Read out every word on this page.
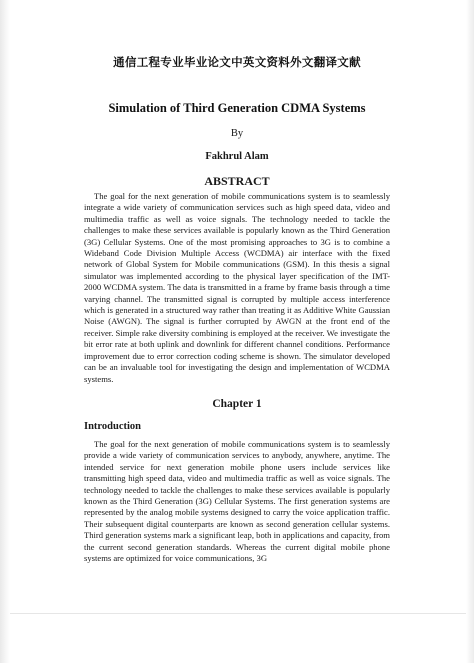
通信工程专业毕业论文中英文资料外文翻译文献

Simulation of Third Generation CDMA Systems

By

Fakhrul Alam

ABSTRACT

The goal for the next generation of mobile communications system is to seamlessly integrate a wide variety of communication services such as high speed data, video and multimedia traffic as well as voice signals. The technology needed to tackle the challenges to make these services available is popularly known as the Third Generation (3G) Cellular Systems. One of the most promising approaches to 3G is to combine a Wideband Code Division Multiple Access (WCDMA) air interface with the fixed network of Global System for Mobile communications (GSM). In this thesis a signal simulator was implemented according to the physical layer specification of the IMT-2000 WCDMA system. The data is transmitted in a frame by frame basis through a time varying channel. The transmitted signal is corrupted by multiple access interference which is generated in a structured way rather than treating it as Additive White Gaussian Noise (AWGN). The signal is further corrupted by AWGN at the front end of the receiver. Simple rake diversity combining is employed at the receiver. We investigate the bit error rate at both uplink and downlink for different channel conditions. Performance improvement due to error correction coding scheme is shown. The simulator developed can be an invaluable tool for investigating the design and implementation of WCDMA systems.

Chapter 1

Introduction

The goal for the next generation of mobile communications system is to seamlessly provide a wide variety of communication services to anybody, anywhere, anytime. The intended service for next generation mobile phone users include services like transmitting high speed data, video and multimedia traffic as well as voice signals. The technology needed to tackle the challenges to make these services available is popularly known as the Third Generation (3G) Cellular Systems. The first generation systems are represented by the analog mobile systems designed to carry the voice application traffic. Their subsequent digital counterparts are known as second generation cellular systems. Third generation systems mark a significant leap, both in applications and capacity, from the current second generation standards. Whereas the current digital mobile phone systems are optimized for voice communications, 3G
